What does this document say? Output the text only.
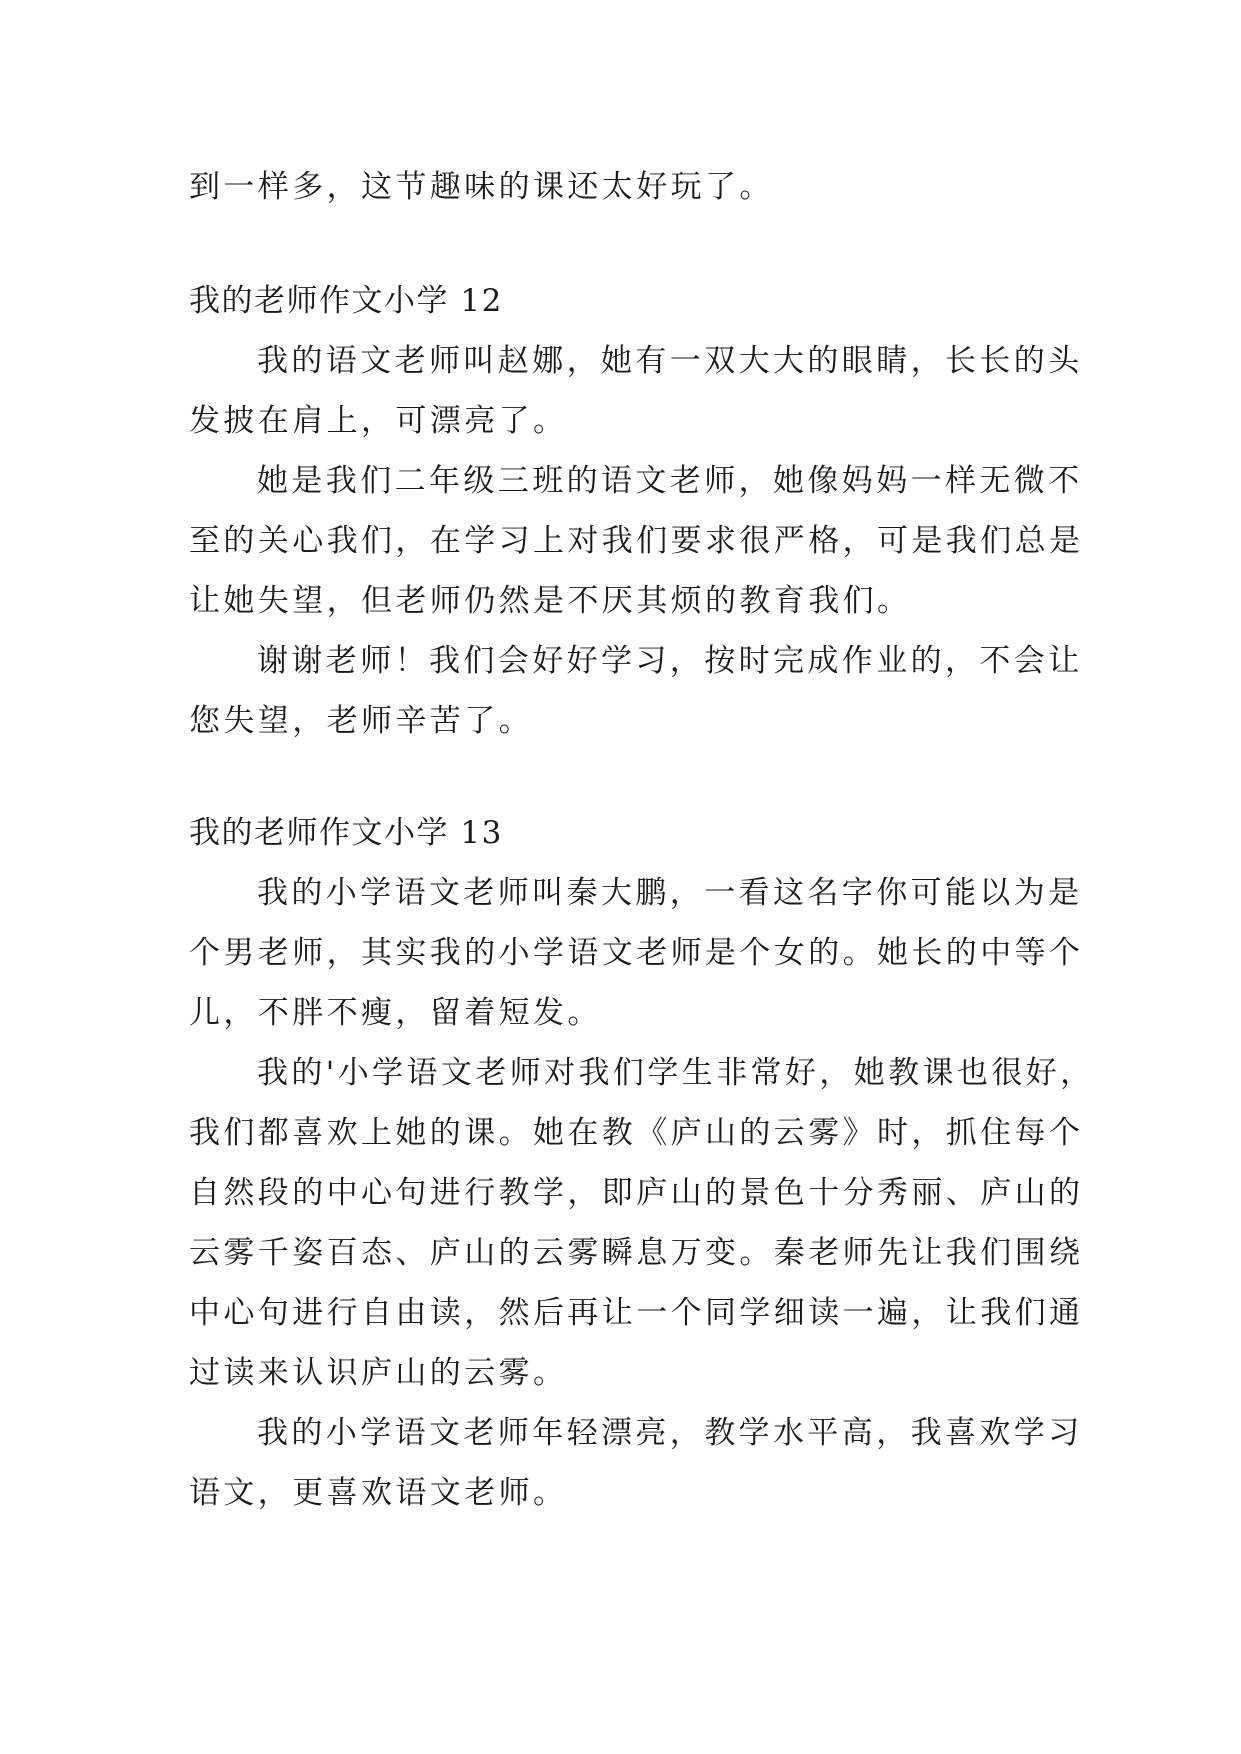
到一样多，这节趣味的课还太好玩了。
我的老师作文小学 12
我的语文老师叫赵娜，她有一双大大的眼睛，长长的头
发披在肩上，可漂亮了。
她是我们二年级三班的语文老师，她像妈妈一样无微不
至的关心我们，在学习上对我们要求很严格，可是我们总是
让她失望，但老师仍然是不厌其烦的教育我们。
谢谢老师！我们会好好学习，按时完成作业的，不会让
您失望，老师辛苦了。
我的老师作文小学 13
我的小学语文老师叫秦大鹏，一看这名字你可能以为是
个男老师，其实我的小学语文老师是个女的。她长的中等个
儿，不胖不瘦，留着短发。
我的'小学语文老师对我们学生非常好，她教课也很好，
我们都喜欢上她的课。她在教《庐山的云雾》时，抓住每个
自然段的中心句进行教学，即庐山的景色十分秀丽、庐山的
云雾千姿百态、庐山的云雾瞬息万变。秦老师先让我们围绕
中心句进行自由读，然后再让一个同学细读一遍，让我们通
过读来认识庐山的云雾。
我的小学语文老师年轻漂亮，教学水平高，我喜欢学习
语文，更喜欢语文老师。
